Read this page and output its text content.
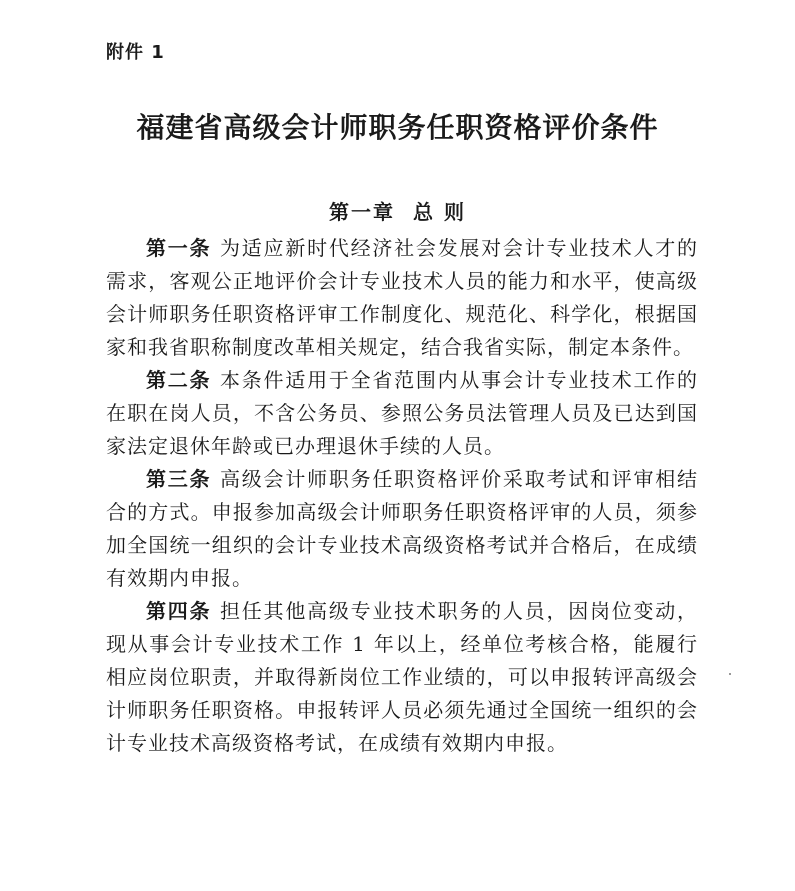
附件 1
福建省高级会计师职务任职资格评价条件
第一章 总 则

第一条 为适应新时代经济社会发展对会计专业技术人才的需求，客观公正地评价会计专业技术人员的能力和水平，使高级会计师职务任职资格评审工作制度化、规范化、科学化，根据国家和我省职称制度改革相关规定，结合我省实际，制定本条件。

第二条 本条件适用于全省范围内从事会计专业技术工作的在职在岗人员，不含公务员、参照公务员法管理人员及已达到国家法定退休年龄或已办理退休手续的人员。

第三条 高级会计师职务任职资格评价采取考试和评审相结合的方式。申报参加高级会计师职务任职资格评审的人员，须参加全国统一组织的会计专业技术高级资格考试并合格后，在成绩有效期内申报。

第四条 担任其他高级专业技术职务的人员，因岗位变动，现从事会计专业技术工作 1 年以上，经单位考核合格，能履行相应岗位职责，并取得新岗位工作业绩的，可以申报转评高级会计师职务任职资格。申报转评人员必须先通过全国统一组织的会计专业技术高级资格考试，在成绩有效期内申报。
